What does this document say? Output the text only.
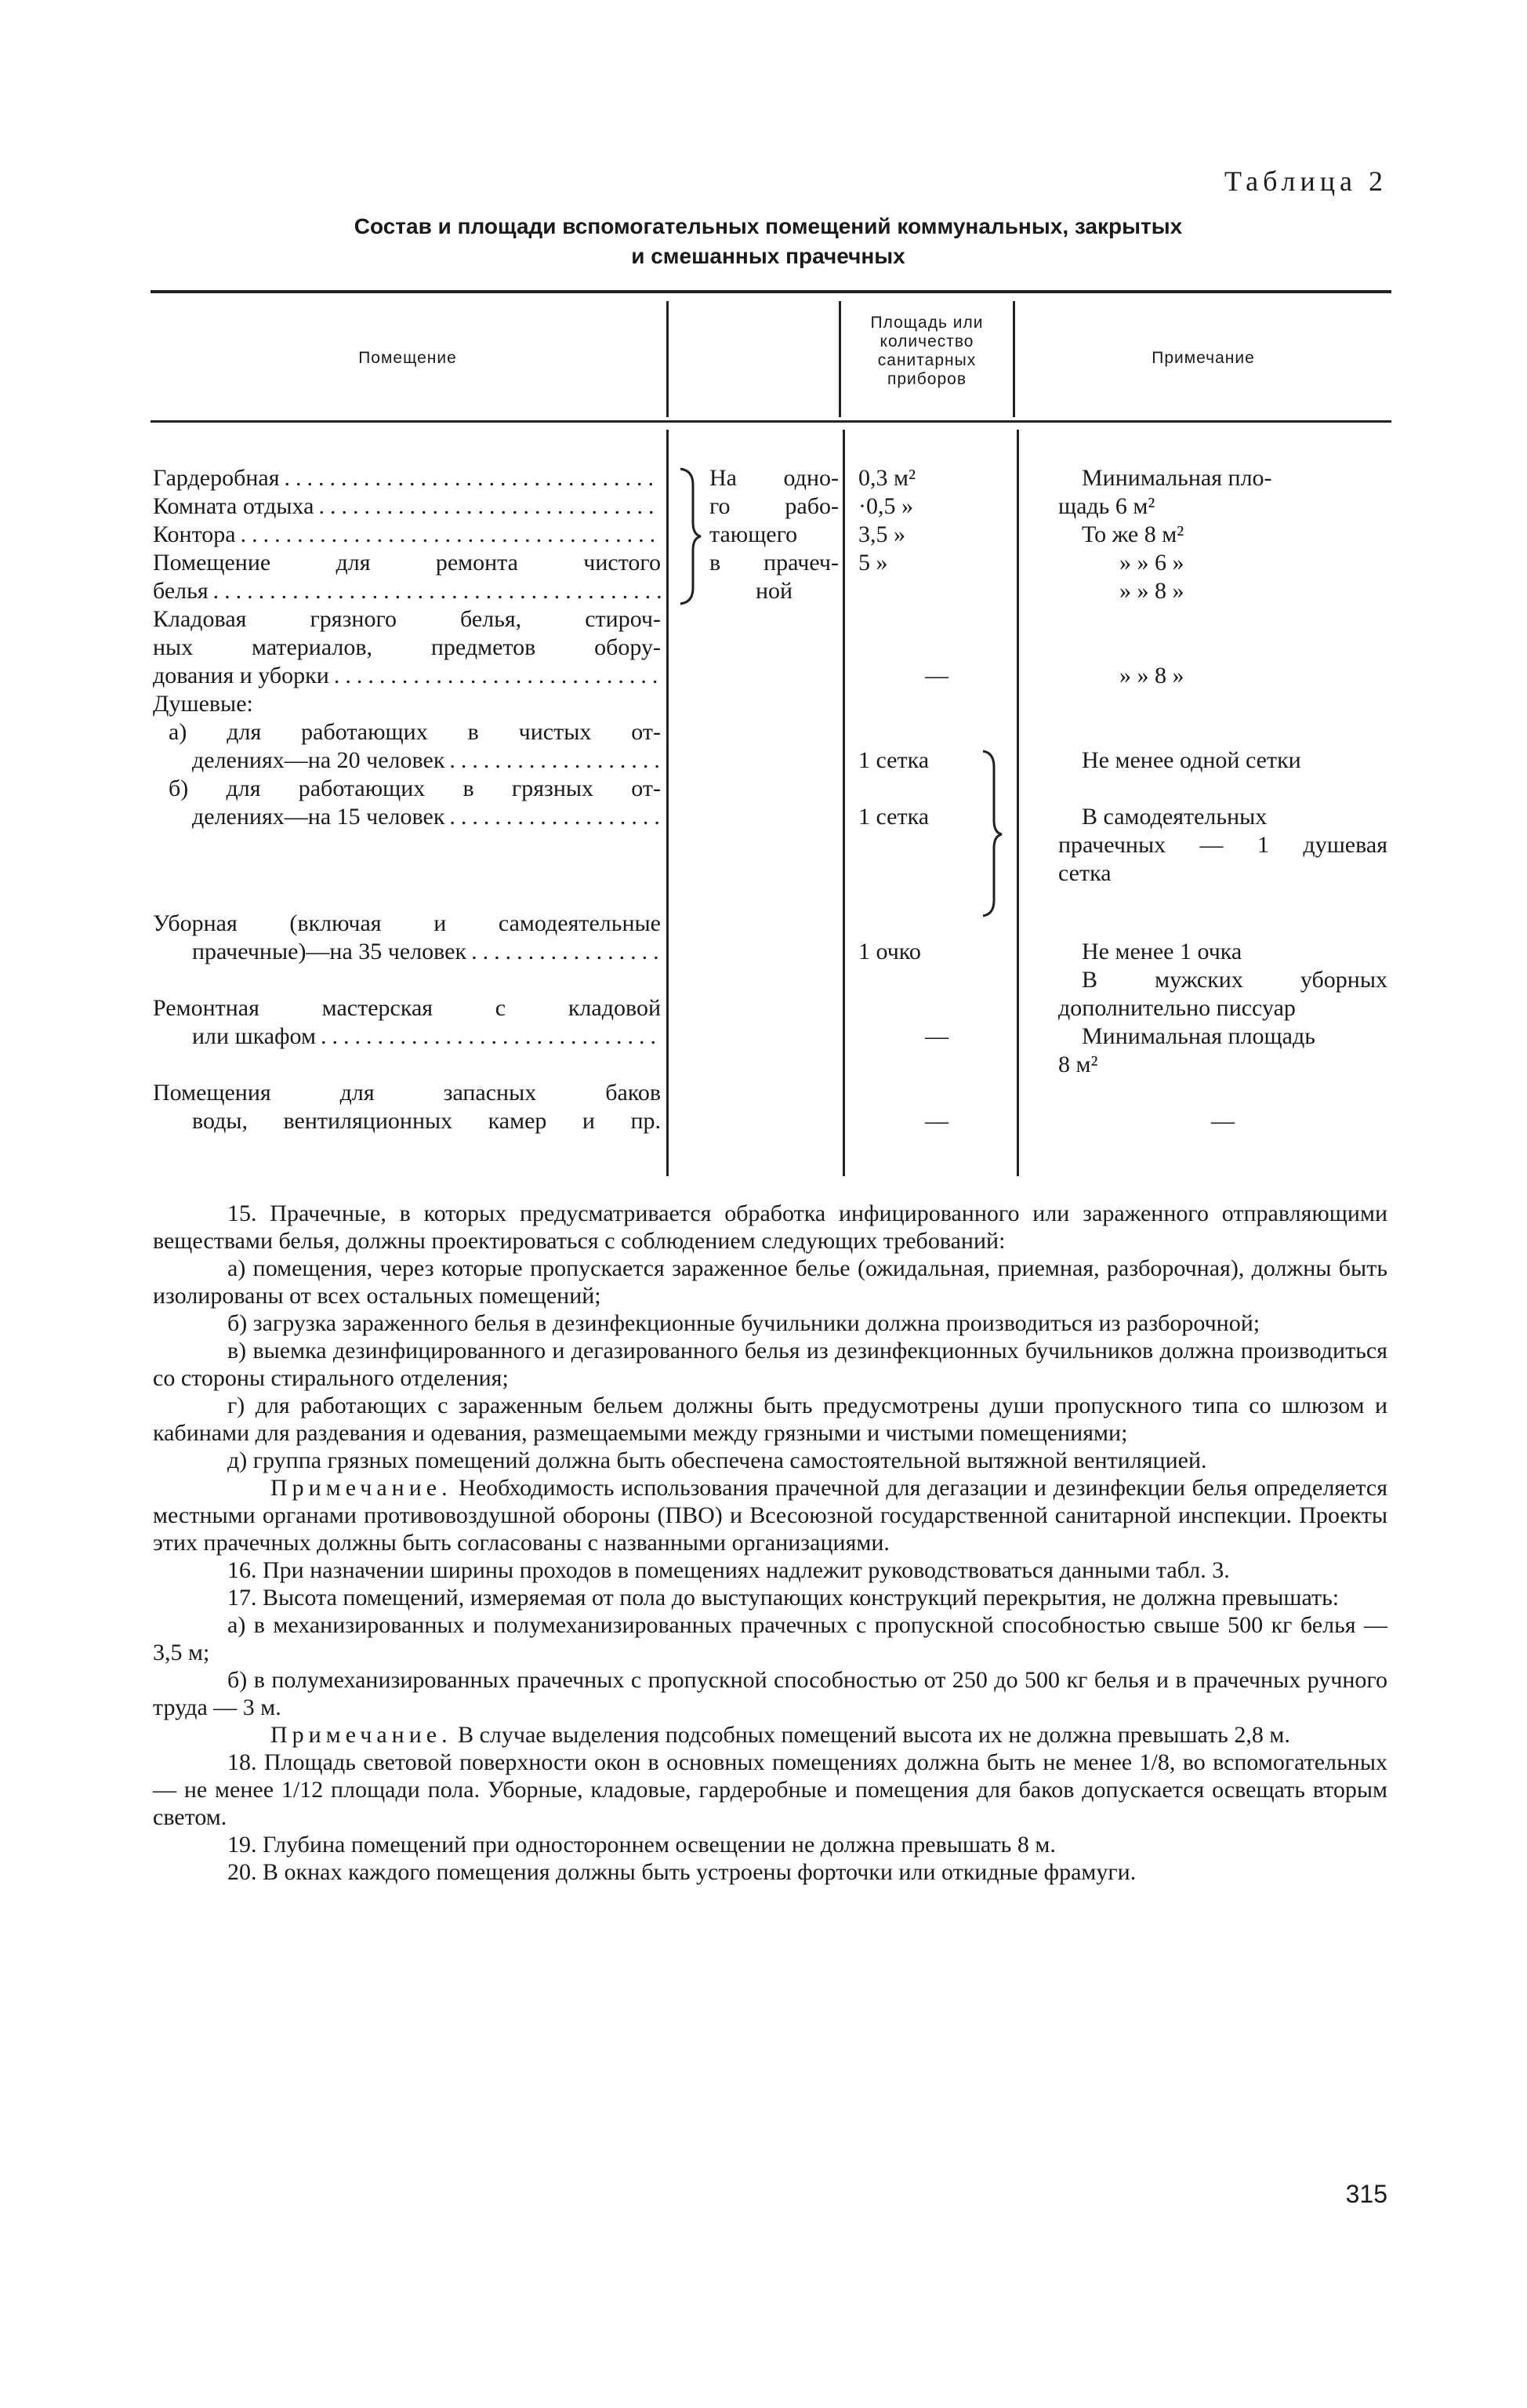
Таблица 2
Состав и площади вспомогательных помещений коммунальных, закрытых
и смешанных прачечных
Помещение
Площадь или
количество
санитарных
приборов
Примечание
Гардеробная
.....
Комната отдыха
.....
Контора
.....
Помещение для ремонта чистого
белья
.....
Кладовая грязного белья, стироч-
ных материалов, предметов обору-
дования и уборки
.....
Душевые:
а) для работающих в чистых от-
делениях—на 20 человек
.....
б) для работающих в грязных от-
делениях—на 15 человек
.....
Уборная (включая и самодеятельные
прачечные)—на 35 человек
.....
Ремонтная мастерская с кладовой
или шкафом
.....
Помещения для запасных баков
воды, вентиляционных камер и пр.
На одно-
го рабо-
тающего
в прачеч-
ной
0,3 м²
·0,5 »
3,5 »
5 »
—
1 сетка
1 сетка
1 очко
—
—
Минимальная пло-
щадь 6 м²
То же 8 м²
» » 6 »
» » 8 »
» » 8 »
Не менее одной сетки
В самодеятельных
прачечных — 1 душевая
сетка
Не менее 1 очка
В мужских уборных
дополнительно писсуар
Минимальная площадь
8 м²
—

15. Прачечные, в которых предусматривается обработка инфицированного или зараженного отправляющими веществами белья, должны проектироваться с соблюдением следующих требований:

а) помещения, через которые пропускается зараженное белье (ожидальная, приемная, разборочная), должны быть изолированы от всех остальных помещений;

б) загрузка зараженного белья в дезинфекционные бучильники должна производиться из разборочной;

в) выемка дезинфицированного и дегазированного белья из дезинфекционных бучильников должна производиться со стороны стирального отделения;

г) для работающих с зараженным бельем должны быть предусмотрены души пропускного типа со шлюзом и кабинами для раздевания и одевания, размещаемыми между грязными и чистыми помещениями;

д) группа грязных помещений должна быть обеспечена самостоятельной вытяжной вентиляцией.

Примечание. Необходимость использования прачечной для дегазации и дезинфекции белья определяется местными органами противовоздушной обороны (ПВО) и Всесоюзной государственной санитарной инспекции. Проекты этих прачечных должны быть согласованы с названными организациями.

16. При назначении ширины проходов в помещениях надлежит руководствоваться данными табл. 3.

17. Высота помещений, измеряемая от пола до выступающих конструкций перекрытия, не должна превышать:

а) в механизированных и полумеханизированных прачечных с пропускной способностью свыше 500 кг белья — 3,5 м;

б) в полумеханизированных прачечных с пропускной способностью от 250 до 500 кг белья и в прачечных ручного труда — 3 м.

Примечание. В случае выделения подсобных помещений высота их не должна превышать 2,8 м.

18. Площадь световой поверхности окон в основных помещениях должна быть не менее 1/8, во вспомогательных — не менее 1/12 площади пола. Уборные, кладовые, гардеробные и помещения для баков допускается освещать вторым светом.

19. Глубина помещений при одностороннем освещении не должна превышать 8 м.

20. В окнах каждого помещения должны быть устроены форточки или откидные фрамуги.

315
